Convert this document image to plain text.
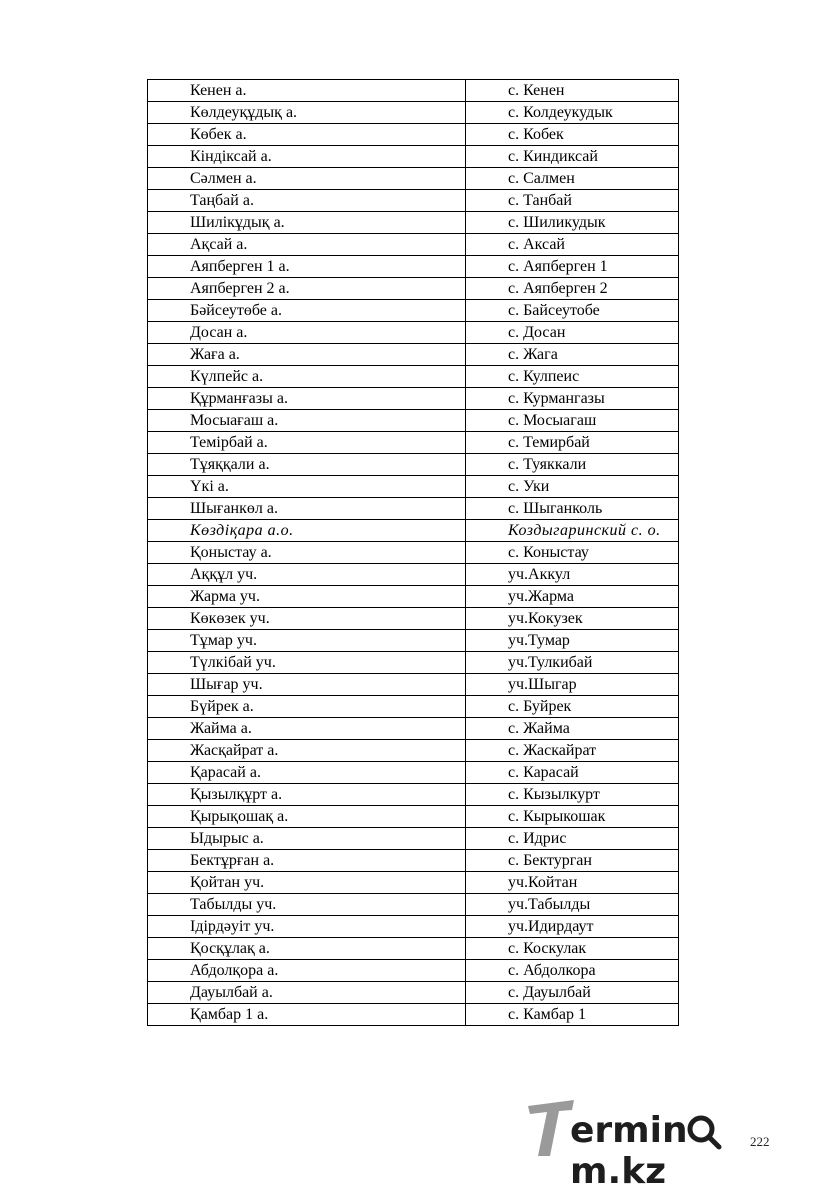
Кенен а.	с. Кенен
Көлдеуқұдық а.	с. Колдеукудык
Көбек а.	с. Кобек
Кіндіксай а.	с. Киндиксай
Сәлмен а.	с. Салмен
Таңбай а.	с. Танбай
Шилікұдық а.	с. Шиликудык
Ақсай а.	с. Аксай
Аяпберген 1 а.	с. Аяпберген 1
Аяпберген 2 а.	с. Аяпберген 2
Бәйсеутөбе а.	с. Байсеутобе
Досан а.	с. Досан
Жаға а.	с. Жага
Күлпейс а.	с. Кулпеис
Құрманғазы а.	с. Курмангазы
Мосыағаш а.	с. Мосыагаш
Темірбай а.	с. Темирбай
Тұяққали а.	с. Туяккали
Үкі а.	с. Уки
Шығанкөл а.	с. Шыганколь
Көздіқара а.о.	Коздыгаринский с. о.
Қоныстау а.	с. Коныстау
Аққұл уч.	уч.Аккул
Жарма уч.	уч.Жарма
Көкөзек уч.	уч.Кокузек
Тұмар уч.	уч.Тумар
Түлкібай уч.	уч.Тулкибай
Шығар уч.	уч.Шыгар
Бүйрек а.	с. Буйрек
Жайма а.	с. Жайма
Жасқайрат а.	с. Жаскайрат
Қарасай а.	с. Карасай
Қызылқұрт а.	с. Кызылкурт
Қырықошақ а.	с. Кырыкошак
Ыдырыс а.	с. Идрис
Бектұрған а.	с. Бектурган
Қойтан уч.	уч.Койтан
Табылды уч.	уч.Табылды
Ідірдәуіт уч.	уч.Идирдаут
Қосқұлақ а.	с. Коскулак
Абдолқора а.	с. Абдолкора
Дауылбай а.	с. Дауылбай
Қамбар 1 а.	с. Камбар 1
erminm.kz
222
